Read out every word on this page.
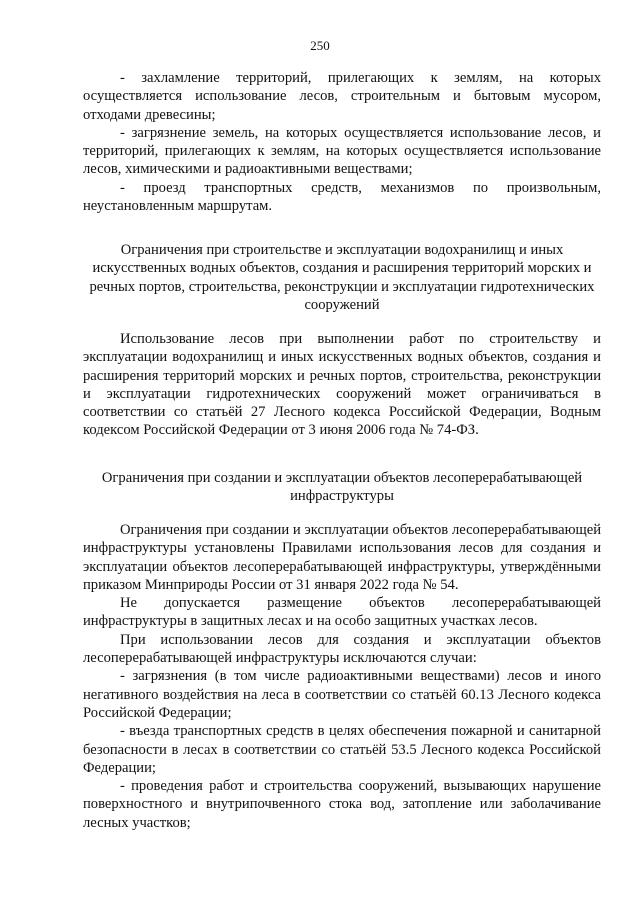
250

- захламление территорий, прилегающих к землям, на которых осуществляется использование лесов, строительным и бытовым мусором, отходами древесины;

- загрязнение земель, на которых осуществляется использование лесов, и территорий, прилегающих к землям, на которых осуществляется использование лесов, химическими и радиоактивными веществами;

- проезд транспортных средств, механизмов по произвольным, неустановленным маршрутам.

Ограничения при строительстве и эксплуатации водохранилищ и иных искусственных водных объектов, создания и расширения территорий морских и речных портов, строительства, реконструкции и эксплуатации гидротехнических сооружений

Использование лесов при выполнении работ по строительству и эксплуатации водохранилищ и иных искусственных водных объектов, создания и расширения территорий морских и речных портов, строительства, реконструкции и эксплуатации гидротехнических сооружений может ограничиваться в соответствии со статьёй 27 Лесного кодекса Российской Федерации, Водным кодексом Российской Федерации от 3 июня 2006 года № 74-ФЗ.

Ограничения при создании и эксплуатации объектов лесоперерабатывающей инфраструктуры

Ограничения при создании и эксплуатации объектов лесоперерабатывающей инфраструктуры установлены Правилами использования лесов для создания и эксплуатации объектов лесоперерабатывающей инфраструктуры, утверждёнными приказом Минприроды России от 31 января 2022 года № 54.

Не допускается размещение объектов лесоперерабатывающей инфраструктуры в защитных лесах и на особо защитных участках лесов.

При использовании лесов для создания и эксплуатации объектов лесоперерабатывающей инфраструктуры исключаются случаи:

- загрязнения (в том числе радиоактивными веществами) лесов и иного негативного воздействия на леса в соответствии со статьёй 60.13 Лесного кодекса Российской Федерации;

- въезда транспортных средств в целях обеспечения пожарной и санитарной безопасности в лесах в соответствии со статьёй 53.5 Лесного кодекса Российской Федерации;

- проведения работ и строительства сооружений, вызывающих нарушение поверхностного и внутрипочвенного стока вод, затопление или заболачивание лесных участков;
